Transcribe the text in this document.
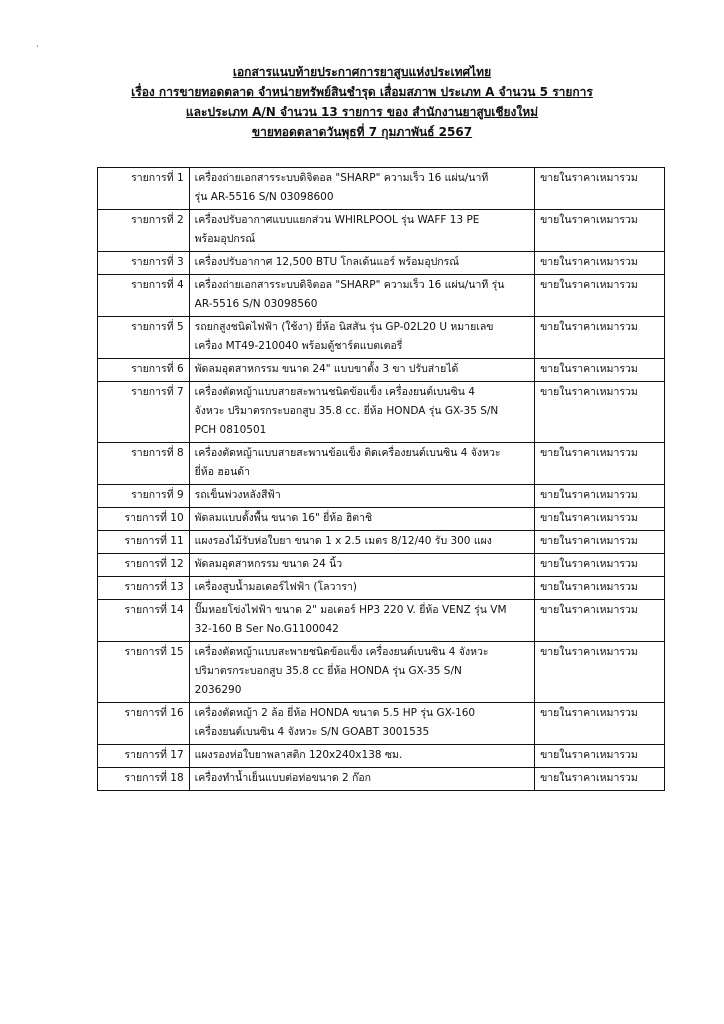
·
เอกสารแนบท้ายประกาศการยาสูบแห่งประเทศไทย
เรื่อง การขายทอดตลาด จำหน่ายทรัพย์สินชำรุด เสื่อมสภาพ ประเภท A จำนวน 5 รายการ
และประเภท A/N จำนวน 13 รายการ ของ สำนักงานยาสูบเชียงใหม่
ขายทอดตลาดวันพุธที่ 7 กุมภาพันธ์ 2567
รายการที่ 1	เครื่องถ่ายเอกสารระบบดิจิตอล "SHARP" ความเร็ว 16 แผ่น/นาที
รุ่น AR-5516 S/N 03098600	ขายในราคาเหมารวม
รายการที่ 2	เครื่องปรับอากาศแบบแยกส่วน WHIRLPOOL รุ่น WAFF 13 PE
พร้อมอุปกรณ์	ขายในราคาเหมารวม
รายการที่ 3	เครื่องปรับอากาศ 12,500 BTU โกลเด้นแอร์ พร้อมอุปกรณ์	ขายในราคาเหมารวม
รายการที่ 4	เครื่องถ่ายเอกสารระบบดิจิตอล "SHARP" ความเร็ว 16 แผ่น/นาที รุ่น
AR-5516 S/N 03098560	ขายในราคาเหมารวม
รายการที่ 5	รถยกสูงชนิดไฟฟ้า (ใช้งา) ยี่ห้อ นิสสัน รุ่น GP-02L20 U หมายเลข
เครื่อง MT49-210040 พร้อมตู้ชาร์ตแบตเตอรี่	ขายในราคาเหมารวม
รายการที่ 6	พัดลมอุตสาหกรรม ขนาด 24" แบบขาตั้ง 3 ขา ปรับส่ายได้	ขายในราคาเหมารวม
รายการที่ 7	เครื่องตัดหญ้าแบบสายสะพานชนิดข้อแข็ง เครื่องยนต์เบนซิน 4
จังหวะ ปริมาตรกระบอกสูบ 35.8 cc. ยี่ห้อ HONDA รุ่น GX-35 S/N
PCH 0810501	ขายในราคาเหมารวม
รายการที่ 8	เครื่องตัดหญ้าแบบสายสะพานข้อแข็ง ติดเครื่องยนต์เบนซิน 4 จังหวะ
ยี่ห้อ ฮอนด้า	ขายในราคาเหมารวม
รายการที่ 9	รถเข็นพ่วงหลังสีฟ้า	ขายในราคาเหมารวม
รายการที่ 10	พัดลมแบบตั้งพื้น ขนาด 16" ยี่ห้อ ฮิตาชิ	ขายในราคาเหมารวม
รายการที่ 11	แผงรองไม้รับห่อใบยา ขนาด 1 x 2.5 เมตร 8/12/40 รับ 300 แผง	ขายในราคาเหมารวม
รายการที่ 12	พัดลมอุตสาหกรรม ขนาด 24 นิ้ว	ขายในราคาเหมารวม
รายการที่ 13	เครื่องสูบน้ำมอเตอร์ไฟฟ้า (โลวารา)	ขายในราคาเหมารวม
รายการที่ 14	ปั๊มหอยโข่งไฟฟ้า ขนาด 2" มอเตอร์ HP3 220 V. ยี่ห้อ VENZ รุ่น VM
32-160 B Ser No.G1100042	ขายในราคาเหมารวม
รายการที่ 15	เครื่องตัดหญ้าแบบสะพายชนิดข้อแข็ง เครื่องยนต์เบนซิน 4 จังหวะ
ปริมาตรกระบอกสูบ 35.8 cc ยี่ห้อ HONDA รุ่น GX-35 S/N
2036290	ขายในราคาเหมารวม
รายการที่ 16	เครื่องตัดหญ้า 2 ล้อ ยี่ห้อ HONDA ขนาด 5.5 HP รุ่น GX-160
เครื่องยนต์เบนซิน 4 จังหวะ S/N GOABT 3001535	ขายในราคาเหมารวม
รายการที่ 17	แผงรองห่อใบยาพลาสติก 120x240x138 ซม.	ขายในราคาเหมารวม
รายการที่ 18	เครื่องทำน้ำเย็นแบบต่อท่อขนาด 2 ก๊อก	ขายในราคาเหมารวม
